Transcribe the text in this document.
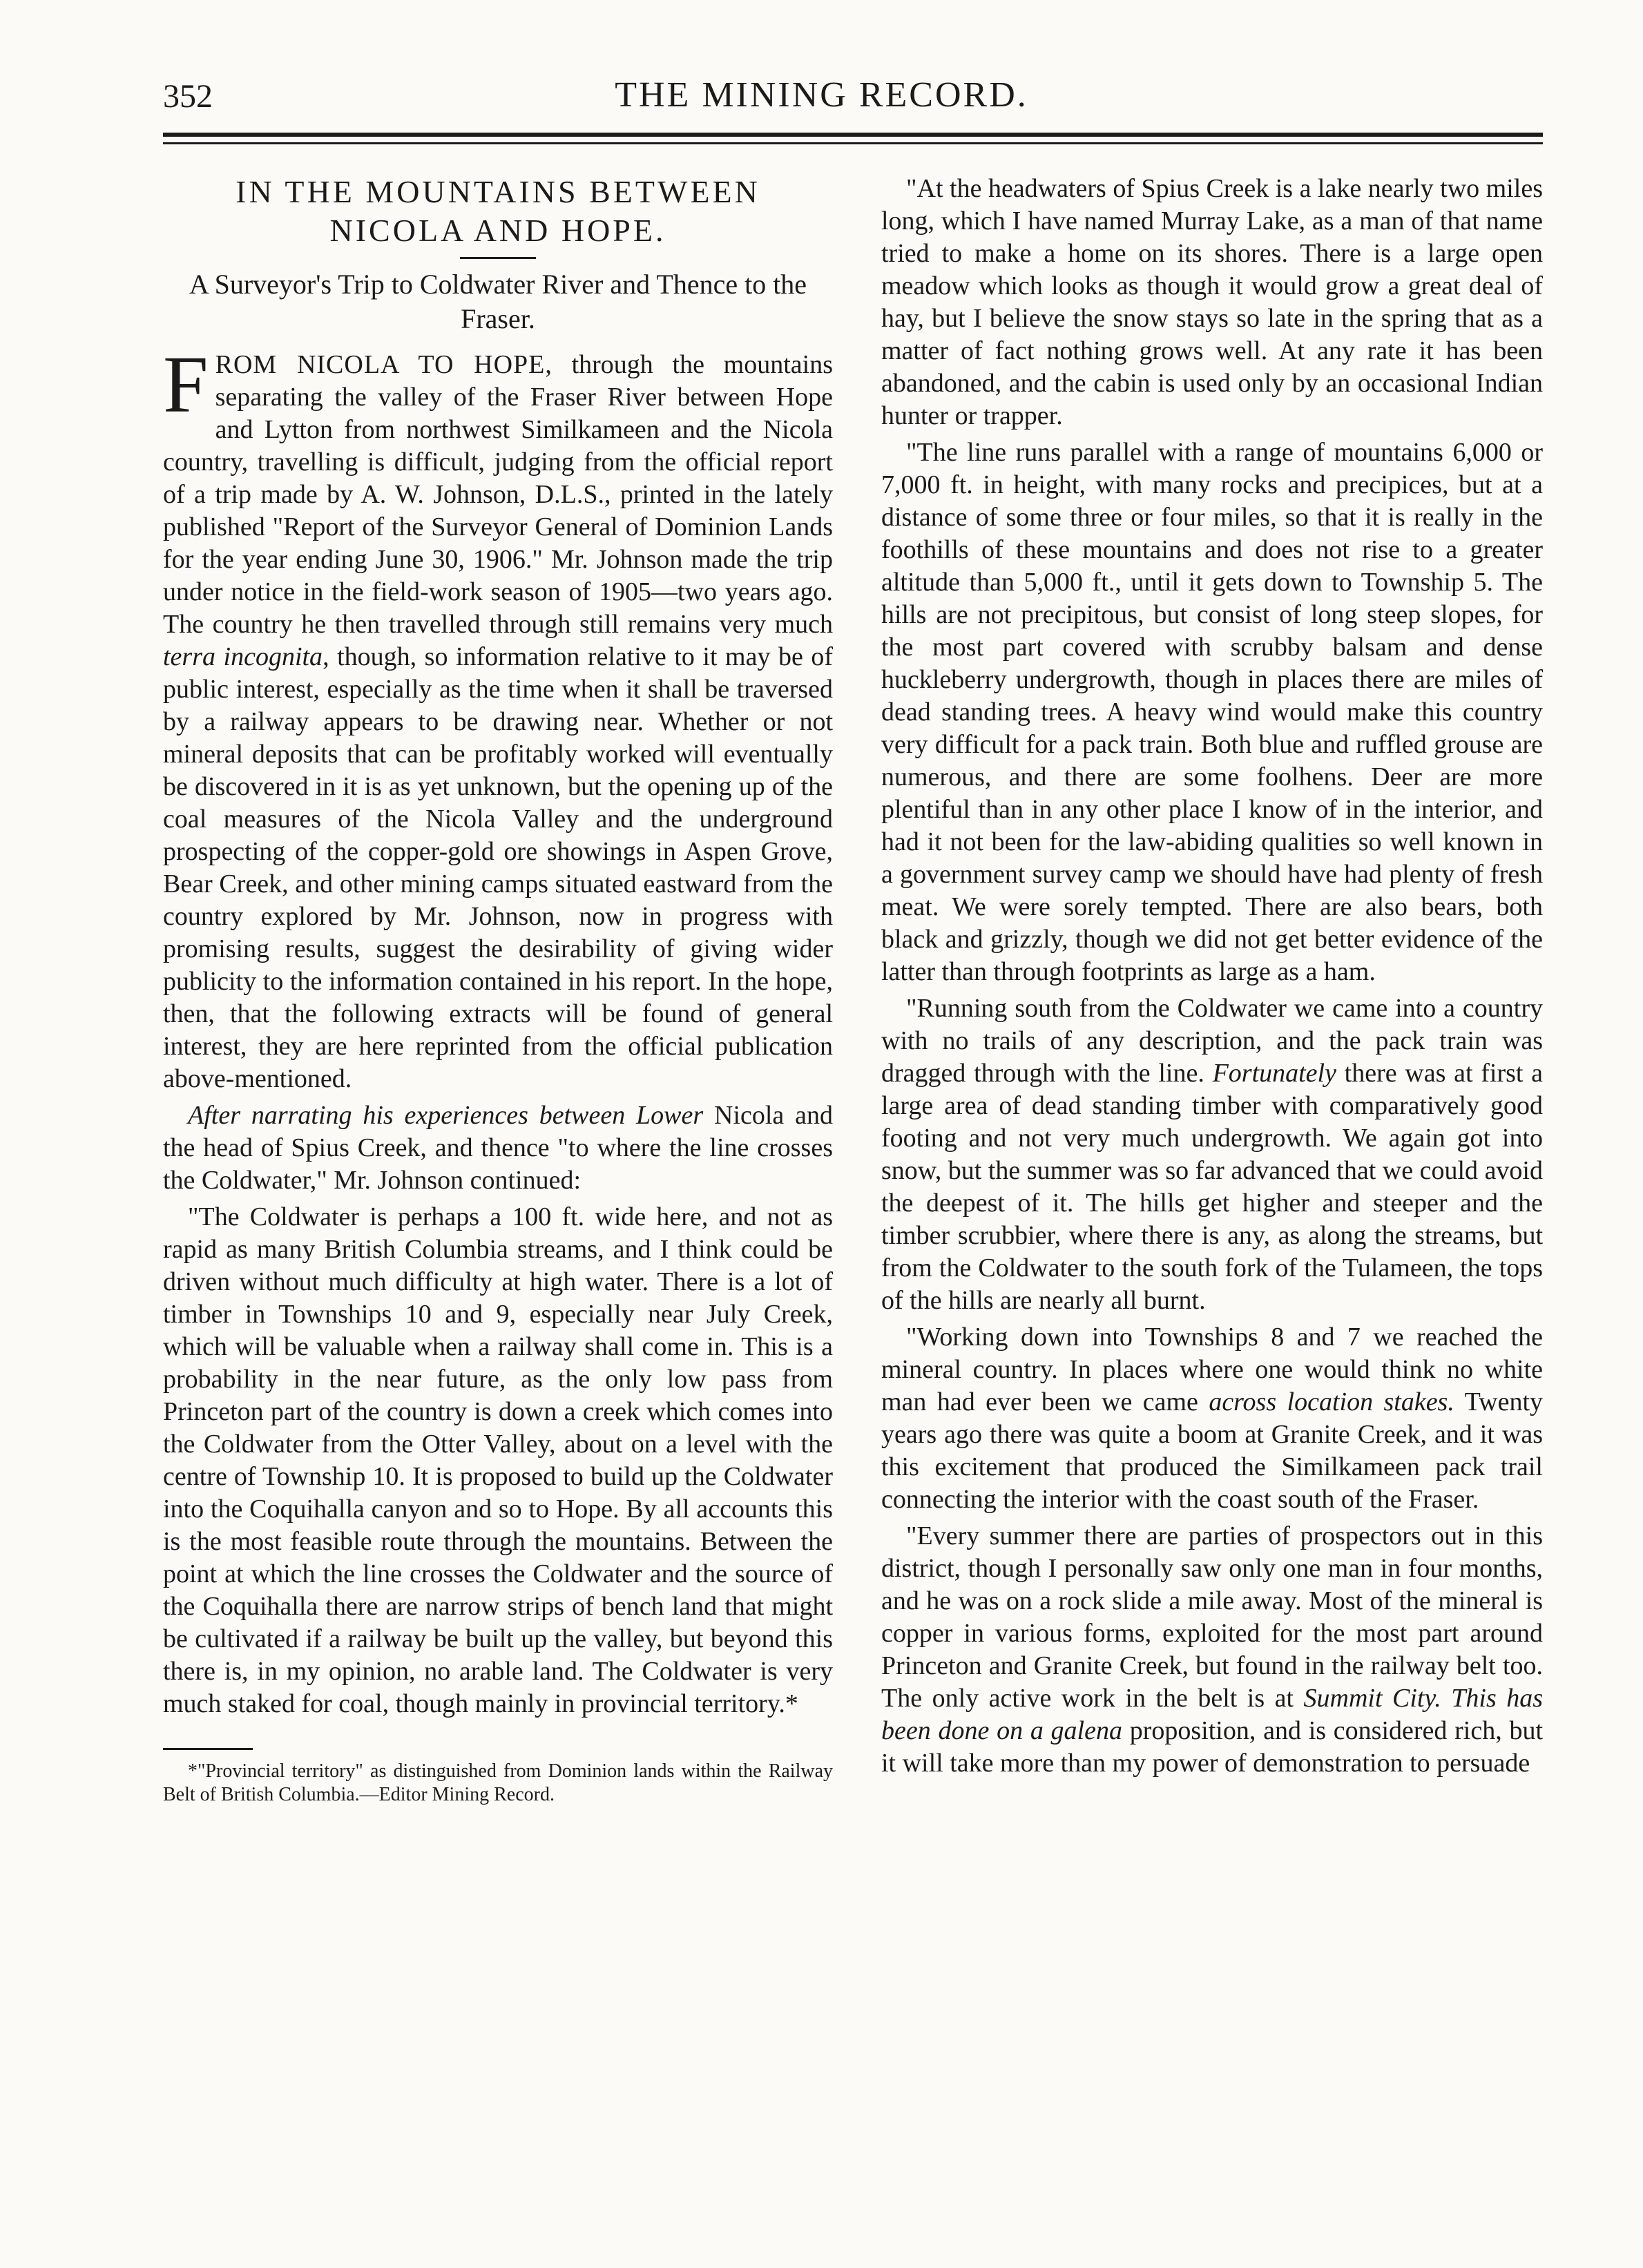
352	THE MINING RECORD.
IN THE MOUNTAINS BETWEEN NICOLA AND HOPE.
A Surveyor's Trip to Coldwater River and Thence to the Fraser.

FROM NICOLA TO HOPE, through the mountains separating the valley of the Fraser River between Hope and Lytton from northwest Similkameen and the Nicola country, travelling is difficult, judging from the official report of a trip made by A. W. Johnson, D.L.S., printed in the lately published "Report of the Surveyor General of Dominion Lands for the year ending June 30, 1906." Mr. Johnson made the trip under notice in the field-work season of 1905—two years ago. The country he then travelled through still remains very much terra incognita, though, so information relative to it may be of public interest, especially as the time when it shall be traversed by a railway appears to be drawing near. Whether or not mineral deposits that can be profitably worked will eventually be discovered in it is as yet unknown, but the opening up of the coal measures of the Nicola Valley and the underground prospecting of the copper-gold ore showings in Aspen Grove, Bear Creek, and other mining camps situated eastward from the country explored by Mr. Johnson, now in progress with promising results, suggest the desirability of giving wider publicity to the information contained in his report. In the hope, then, that the following extracts will be found of general interest, they are here reprinted from the official publication above-mentioned.

After narrating his experiences between Lower Nicola and the head of Spius Creek, and thence "to where the line crosses the Coldwater," Mr. Johnson continued:

"The Coldwater is perhaps a 100 ft. wide here, and not as rapid as many British Columbia streams, and I think could be driven without much difficulty at high water. There is a lot of timber in Townships 10 and 9, especially near July Creek, which will be valuable when a railway shall come in. This is a probability in the near future, as the only low pass from Princeton part of the country is down a creek which comes into the Coldwater from the Otter Valley, about on a level with the centre of Township 10. It is proposed to build up the Coldwater into the Coquihalla canyon and so to Hope. By all accounts this is the most feasible route through the mountains. Between the point at which the line crosses the Coldwater and the source of the Coquihalla there are narrow strips of bench land that might be cultivated if a railway be built up the valley, but beyond this there is, in my opinion, no arable land. The Coldwater is very much staked for coal, though mainly in provincial territory.*

*"Provincial territory" as distinguished from Dominion lands within the Railway Belt of British Columbia.—Editor Mining Record.

"At the headwaters of Spius Creek is a lake nearly two miles long, which I have named Murray Lake, as a man of that name tried to make a home on its shores. There is a large open meadow which looks as though it would grow a great deal of hay, but I believe the snow stays so late in the spring that as a matter of fact nothing grows well. At any rate it has been abandoned, and the cabin is used only by an occasional Indian hunter or trapper.

"The line runs parallel with a range of mountains 6,000 or 7,000 ft. in height, with many rocks and precipices, but at a distance of some three or four miles, so that it is really in the foothills of these mountains and does not rise to a greater altitude than 5,000 ft., until it gets down to Township 5. The hills are not precipitous, but consist of long steep slopes, for the most part covered with scrubby balsam and dense huckleberry undergrowth, though in places there are miles of dead standing trees. A heavy wind would make this country very difficult for a pack train. Both blue and ruffled grouse are numerous, and there are some foolhens. Deer are more plentiful than in any other place I know of in the interior, and had it not been for the law-abiding qualities so well known in a government survey camp we should have had plenty of fresh meat. We were sorely tempted. There are also bears, both black and grizzly, though we did not get better evidence of the latter than through footprints as large as a ham.

"Running south from the Coldwater we came into a country with no trails of any description, and the pack train was dragged through with the line. Fortunately there was at first a large area of dead standing timber with comparatively good footing and not very much undergrowth. We again got into snow, but the summer was so far advanced that we could avoid the deepest of it. The hills get higher and steeper and the timber scrubbier, where there is any, as along the streams, but from the Coldwater to the south fork of the Tulameen, the tops of the hills are nearly all burnt.

"Working down into Townships 8 and 7 we reached the mineral country. In places where one would think no white man had ever been we came across location stakes. Twenty years ago there was quite a boom at Granite Creek, and it was this excitement that produced the Similkameen pack trail connecting the interior with the coast south of the Fraser.

"Every summer there are parties of prospectors out in this district, though I personally saw only one man in four months, and he was on a rock slide a mile away. Most of the mineral is copper in various forms, exploited for the most part around Princeton and Granite Creek, but found in the railway belt too. The only active work in the belt is at Summit City. This has been done on a galena proposition, and is considered rich, but it will take more than my power of demonstration to persuade
